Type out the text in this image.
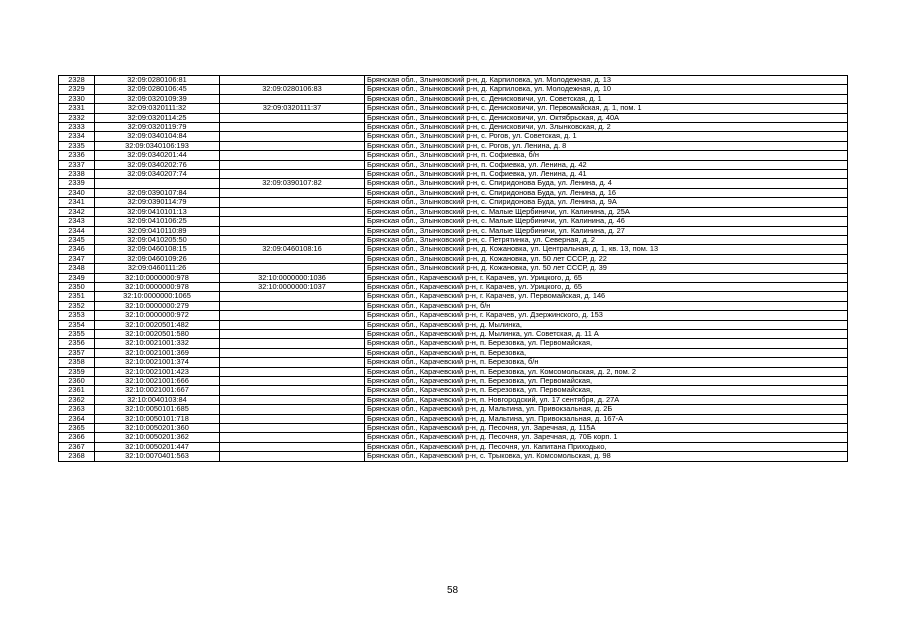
2328	32:09:0280106:81		Брянская обл., Злынковский р-н, д. Карпиловка, ул. Молодежная, д. 13
2329	32:09:0280106:45	32:09:0280106:83	Брянская обл., Злынковский р-н, д. Карпиловка, ул. Молодежная, д. 10
2330	32:09:0320109:39		Брянская обл., Злынковский р-н, с. Денисковичи, ул. Советская, д. 1
2331	32:09:0320111:32	32:09:0320111:37	Брянская обл., Злынковский р-н, с. Денисковичи, ул. Первомайская, д. 1, пом. 1
2332	32:09:0320114:25		Брянская обл., Злынковский р-н, с. Денисковичи, ул. Октябрьская, д. 40А
2333	32:09:0320119:79		Брянская обл., Злынковский р-н, с. Денисковичи, ул. Злынковская, д. 2
2334	32:09:0340104:84		Брянская обл., Злынковский р-н, с. Рогов, ул. Советская, д. 1
2335	32:09:0340106:193		Брянская обл., Злынковский р-н, с. Рогов, ул. Ленина, д. 8
2336	32:09:0340201:44		Брянская обл., Злынковский р-н, п. Софиевка, б/н
2337	32:09:0340202:76		Брянская обл., Злынковский р-н, п. Софиевка, ул. Ленина, д. 42
2338	32:09:0340207:74		Брянская обл., Злынковский р-н, п. Софиевка, ул. Ленина, д. 41
2339		32:09:0390107:82	Брянская обл., Злынковский р-н, с. Спиридонова Буда, ул. Ленина, д. 4
2340	32:09:0390107:84		Брянская обл., Злынковский р-н, с. Спиридонова Буда, ул. Ленина, д. 16
2341	32:09:0390114:79		Брянская обл., Злынковский р-н, с. Спиридонова Буда, ул. Ленина, д. 9А
2342	32:09:0410101:13		Брянская обл., Злынковский р-н, с. Малые Щербиничи, ул. Калинина, д. 25А
2343	32:09:0410106:25		Брянская обл., Злынковский р-н, с. Малые Щербиничи, ул. Калинина, д. 46
2344	32:09:0410110:89		Брянская обл., Злынковский р-н, с. Малые Щербиничи, ул. Калинина, д. 27
2345	32:09:0410205:50		Брянская обл., Злынковский р-н, с. Петрятинка, ул. Северная, д. 2
2346	32:09:0460108:15	32:09:0460108:16	Брянская обл., Злынковский р-н, д. Кожановка, ул. Центральная, д. 1, кв. 13, пом. 13
2347	32:09:0460109:26		Брянская обл., Злынковский р-н, д. Кожановка, ул. 50 лет СССР, д. 22
2348	32:09:0460111:26		Брянская обл., Злынковский р-н, д. Кожановка, ул. 50 лет СССР, д. 39
2349	32:10:0000000:978	32:10:0000000:1036	Брянская обл., Карачевский р-н, г. Карачев, ул. Урицкого, д. 65
2350	32:10:0000000:978	32:10:0000000:1037	Брянская обл., Карачевский р-н, г. Карачев, ул. Урицкого, д. 65
2351	32:10:0000000:1065		Брянская обл., Карачевский р-н, г. Карачев, ул. Первомайская, д. 146
2352	32:10:0000000:279		Брянская обл., Карачевский р-н, б/н
2353	32:10:0000000:972		Брянская обл., Карачевский р-н, г. Карачев, ул. Дзержинского, д. 153
2354	32:10:0020501:482		Брянская обл., Карачевский р-н, д. Мылинка,
2355	32:10:0020501:580		Брянская обл., Карачевский р-н, д. Мылинка, ул. Советская, д. 11 А
2356	32:10:0021001:332		Брянская обл., Карачевский р-н, п. Березовка, ул. Первомайская,
2357	32:10:0021001:369		Брянская обл., Карачевский р-н, п. Березовка,
2358	32:10:0021001:374		Брянская обл., Карачевский р-н, п. Березовка, б/н
2359	32:10:0021001:423		Брянская обл., Карачевский р-н, п. Березовка, ул. Комсомольская, д. 2, пом. 2
2360	32:10:0021001:666		Брянская обл., Карачевский р-н, п. Березовка, ул. Первомайская,
2361	32:10:0021001:667		Брянская обл., Карачевский р-н, п. Березовка, ул. Первомайская,
2362	32:10:0040103:84		Брянская обл., Карачевский р-н, п. Новгородский, ул. 17 сентября, д. 27А
2363	32:10:0050101:685		Брянская обл., Карачевский р-н, д. Мальтина, ул. Привокзальная, д. 2Б
2364	32:10:0050101:718		Брянская обл., Карачевский р-н, д. Мальтина, ул. Привокзальная, д. 167-А
2365	32:10:0050201:360		Брянская обл., Карачевский р-н, д. Песочня, ул. Заречная, д. 115А
2366	32:10:0050201:362		Брянская обл., Карачевский р-н, д. Песочня, ул. Заречная, д. 70Б корп. 1
2367	32:10:0050201:447		Брянская обл., Карачевский р-н, д. Песочня, ул. Капитана Приходько,
2368	32:10:0070401:563		Брянская обл., Карачевский р-н, с. Трыковка, ул. Комсомольская, д. 98
58
